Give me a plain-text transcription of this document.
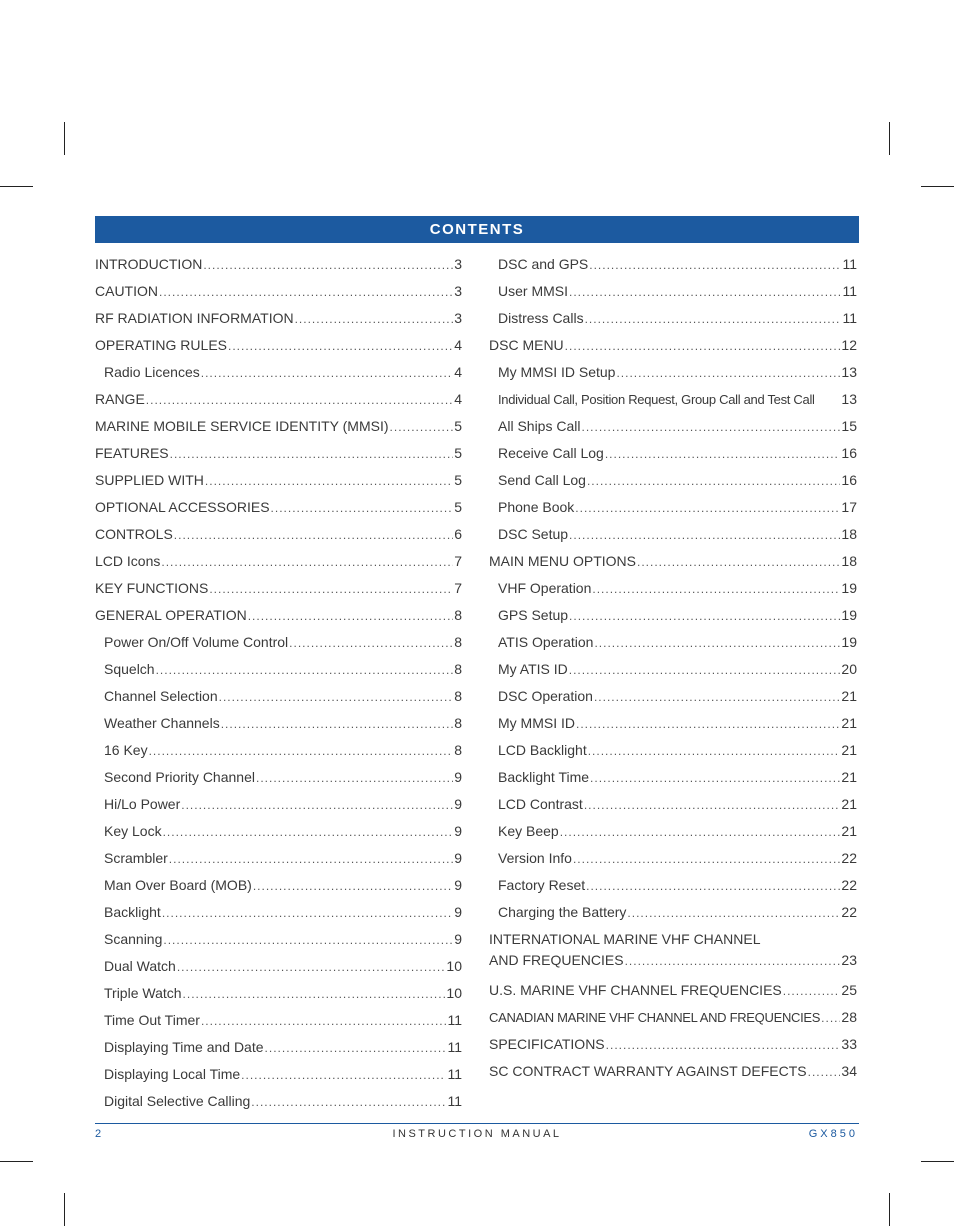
CONTENTS
INTRODUCTION .....	3
CAUTION .....	3
RF RADIATION INFORMATION .....	3
OPERATING RULES .....	4
Radio Licences .....	4
RANGE .....	4
MARINE MOBILE SERVICE IDENTITY (MMSI) .....	5
FEATURES .....	5
SUPPLIED WITH .....	5
OPTIONAL ACCESSORIES .....	5
CONTROLS .....	6
LCD Icons .....	7
KEY FUNCTIONS .....	7
GENERAL OPERATION .....	8
Power On/Off Volume Control .....	8
Squelch .....	8
Channel Selection .....	8
Weather Channels .....	8
16 Key .....	8
Second Priority Channel .....	9
Hi/Lo Power .....	9
Key Lock .....	9
Scrambler .....	9
Man Over Board (MOB) .....	9
Backlight .....	9
Scanning .....	9
Dual Watch .....	10
Triple Watch .....	10
Time Out Timer .....	11
Displaying Time and Date .....	11
Displaying Local Time .....	11
Digital Selective Calling .....	11
DSC and GPS .....	11
User MMSI .....	11
Distress Calls .....	11
DSC MENU .....	12
My MMSI ID Setup .....	13
Individual Call, Position Request, Group Call and Test Call 13
All Ships Call .....	15
Receive Call Log .....	16
Send Call Log .....	16
Phone Book .....	17
DSC Setup .....	18
MAIN MENU OPTIONS .....	18
VHF Operation .....	19
GPS Setup .....	19
ATIS Operation .....	19
My ATIS ID .....	20
DSC Operation .....	21
My MMSI ID .....	21
LCD Backlight .....	21
Backlight Time .....	21
LCD Contrast .....	21
Key Beep .....	21
Version Info .....	22
Factory Reset .....	22
Charging the Battery .....	22
INTERNATIONAL MARINE VHF CHANNEL
AND FREQUENCIES .....	23
U.S. MARINE VHF CHANNEL FREQUENCIES .....	25
CANADIAN MARINE VHF CHANNEL AND FREQUENCIES ..... 28
SPECIFICATIONS .....	33
SC CONTRACT WARRANTY AGAINST DEFECTS ..... 34
2	INSTRUCTION MANUAL	GX850
